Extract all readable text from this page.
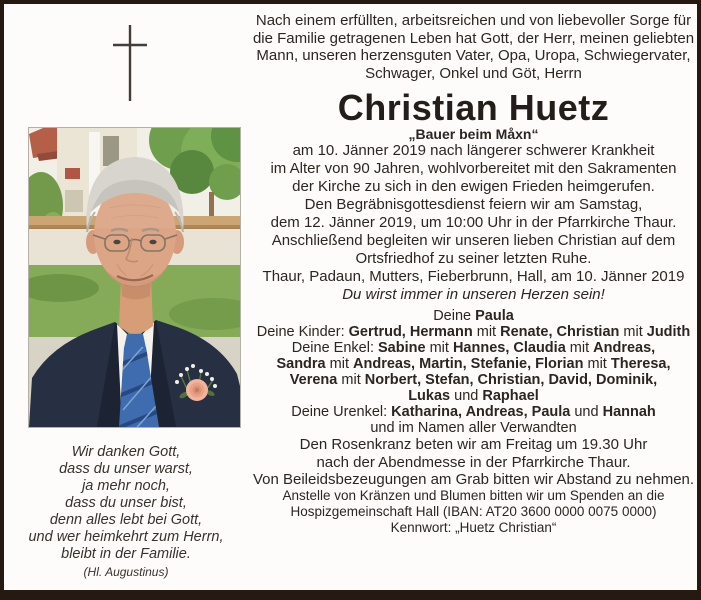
Wir danken Gott,
dass du unser warst,
ja mehr noch,
dass du unser bist,
denn alles lebt bei Gott,
und wer heimkehrt zum Herrn,
bleibt in der Familie.
(Hl. Augustinus)

Nach einem erfüllten, arbeitsreichen und von liebevoller Sorge für
die Familie getragenen Leben hat Gott, der Herr, meinen geliebten
Mann, unseren herzensguten Vater, Opa, Uropa, Schwiegervater,
Schwager, Onkel und Göt, Herrn

Christian Huetz

„Bauer beim Måxn“

am 10. Jänner 2019 nach längerer schwerer Krankheit
im Alter von 90 Jahren, wohlvorbereitet mit den Sakramenten
der Kirche zu sich in den ewigen Frieden heimgerufen.

Den Begräbnisgottesdienst feiern wir am Samstag,
dem 12. Jänner 2019, um 10:00 Uhr in der Pfarrkirche Thaur.
Anschließend begleiten wir unseren lieben Christian auf dem
Ortsfriedhof zu seiner letzten Ruhe.

Thaur, Padaun, Mutters, Fieberbrunn, Hall, am 10. Jänner 2019

Du wirst immer in unseren Herzen sein!

Deine Paula
Deine Kinder: Gertrud, Hermann mit Renate, Christian mit Judith
Deine Enkel: Sabine mit Hannes, Claudia mit Andreas,
Sandra mit Andreas, Martin, Stefanie, Florian mit Theresa,
Verena mit Norbert, Stefan, Christian, David, Dominik,
Lukas und Raphael
Deine Urenkel: Katharina, Andreas, Paula und Hannah
und im Namen aller Verwandten

Den Rosenkranz beten wir am Freitag um 19.30 Uhr
nach der Abendmesse in der Pfarrkirche Thaur.

Von Beileidsbezeugungen am Grab bitten wir Abstand zu nehmen.

Anstelle von Kränzen und Blumen bitten wir um Spenden an die
Hospizgemeinschaft Hall (IBAN: AT20 3600 0000 0075 0000)
Kennwort: „Huetz Christian“
